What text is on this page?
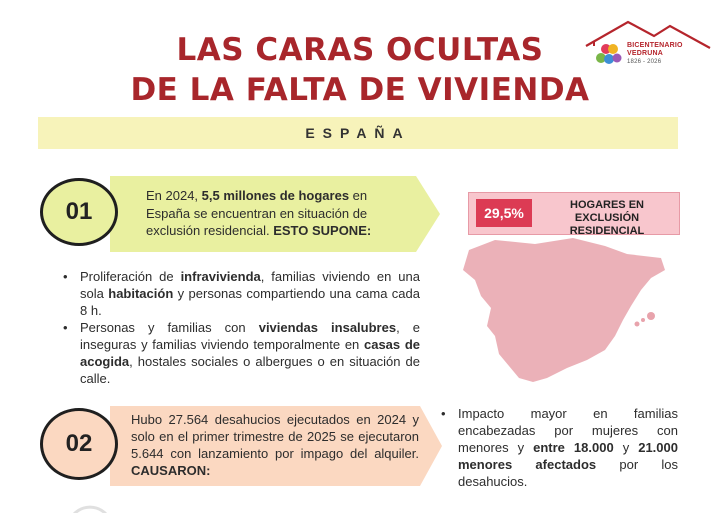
LAS CARAS OCULTAS
DE LA FALTA DE VIVIENDA
BICENTENARIO
VEDRUNA
1826 - 2026
ESPAÑA
01
En 2024, 5,5 millones de hogares en España se encuentran en situación de exclusión residencial. ESTO SUPONE:
• Proliferación de infravivienda, familias viviendo en una sola habitación y personas compartiendo una cama cada 8 h.
• Personas y familias con viviendas insalubres, e inseguras y familias viviendo temporalmente en casas de acogida, hostales sociales o albergues o en situación de calle.
29,5%	HOGARES EN EXCLUSIÓN RESIDENCIAL
02
Hubo 27.564 desahucios ejecutados en 2024 y solo en el primer trimestre de 2025 se ejecutaron 5.644 con lanzamiento por impago del alquiler. CAUSARON:
• Impacto mayor en familias encabezadas por mujeres con menores y entre 18.000 y 21.000 menores afectados por los desahucios.
